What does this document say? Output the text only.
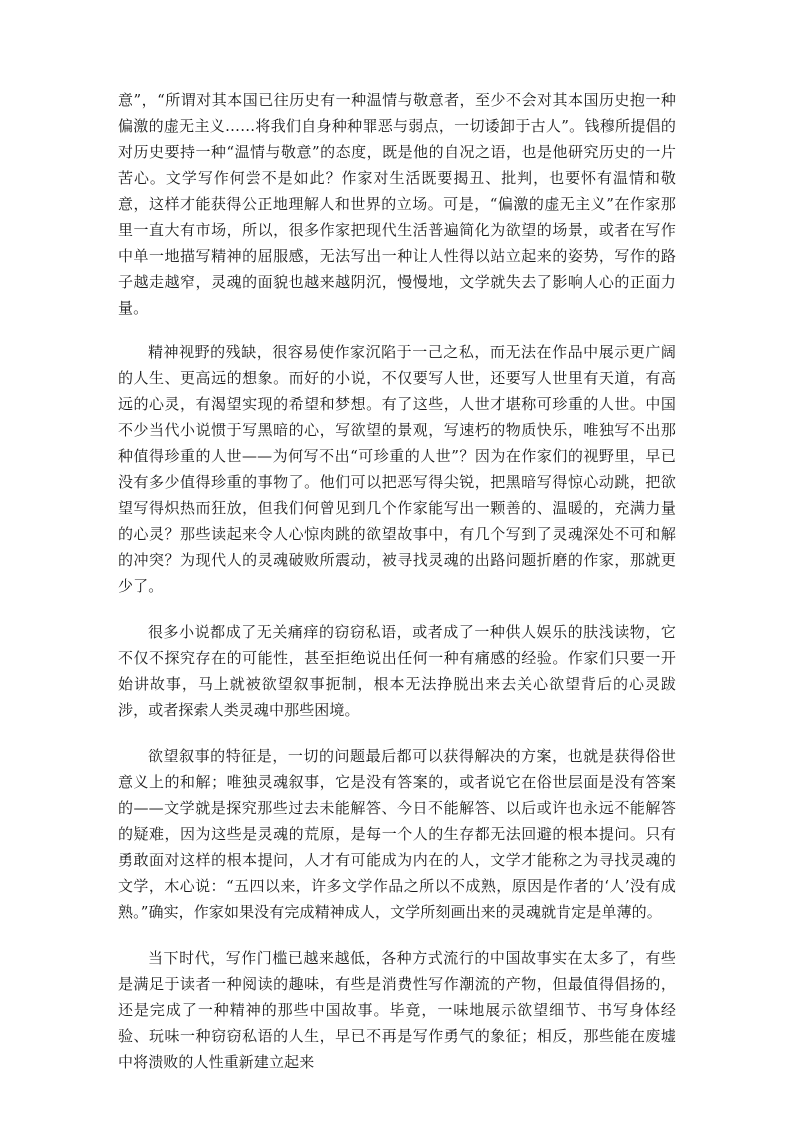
意”，“所谓对其本国已往历史有一种温情与敬意者，至少不会对其本国历史抱一种偏激的虚无主义……将我们自身种种罪恶与弱点，一切诿卸于古人”。钱穆所提倡的对历史要持一种“温情与敬意”的态度，既是他的自况之语，也是他研究历史的一片苦心。文学写作何尝不是如此？作家对生活既要揭丑、批判，也要怀有温情和敬意，这样才能获得公正地理解人和世界的立场。可是，“偏激的虚无主义”在作家那里一直大有市场，所以，很多作家把现代生活普遍简化为欲望的场景，或者在写作中单一地描写精神的屈服感，无法写出一种让人性得以站立起来的姿势，写作的路子越走越窄，灵魂的面貌也越来越阴沉，慢慢地，文学就失去了影响人心的正面力量。

精神视野的残缺，很容易使作家沉陷于一己之私，而无法在作品中展示更广阔的人生、更高远的想象。而好的小说，不仅要写人世，还要写人世里有天道，有高远的心灵，有渴望实现的希望和梦想。有了这些，人世才堪称可珍重的人世。中国不少当代小说惯于写黑暗的心，写欲望的景观，写速朽的物质快乐，唯独写不出那种值得珍重的人世——为何写不出“可珍重的人世”？因为在作家们的视野里，早已没有多少值得珍重的事物了。他们可以把恶写得尖锐，把黑暗写得惊心动跳，把欲望写得炽热而狂放，但我们何曾见到几个作家能写出一颗善的、温暖的，充满力量的心灵？那些读起来令人心惊肉跳的欲望故事中，有几个写到了灵魂深处不可和解的冲突？为现代人的灵魂破败所震动，被寻找灵魂的出路问题折磨的作家，那就更少了。

很多小说都成了无关痛痒的窃窃私语，或者成了一种供人娱乐的肤浅读物，它不仅不探究存在的可能性，甚至拒绝说出任何一种有痛感的经验。作家们只要一开始讲故事，马上就被欲望叙事扼制，根本无法挣脱出来去关心欲望背后的心灵跋涉，或者探索人类灵魂中那些困境。

欲望叙事的特征是，一切的问题最后都可以获得解决的方案，也就是获得俗世意义上的和解；唯独灵魂叙事，它是没有答案的，或者说它在俗世层面是没有答案的——文学就是探究那些过去未能解答、今日不能解答、以后或许也永远不能解答的疑难，因为这些是灵魂的荒原，是每一个人的生存都无法回避的根本提问。只有勇敢面对这样的根本提问，人才有可能成为内在的人，文学才能称之为寻找灵魂的文学，木心说：“五四以来，许多文学作品之所以不成熟，原因是作者的‘人’没有成熟。”确实，作家如果没有完成精神成人，文学所刻画出来的灵魂就肯定是单薄的。

当下时代，写作门槛已越来越低，各种方式流行的中国故事实在太多了，有些是满足于读者一种阅读的趣味，有些是消费性写作潮流的产物，但最值得倡扬的，还是完成了一种精神的那些中国故事。毕竟，一味地展示欲望细节、书写身体经验、玩味一种窃窃私语的人生，早已不再是写作勇气的象征；相反，那些能在废墟中将溃败的人性重新建立起来
